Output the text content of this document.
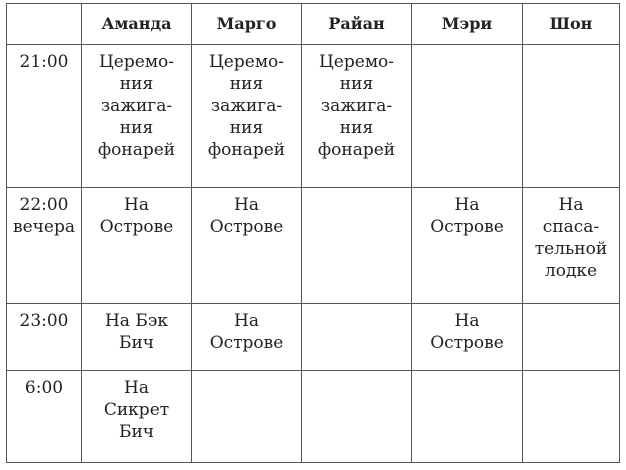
	Аманда	Марго	Райан	Мэри	Шон

21:00	Церемо-
ния
зажига-
ния
фонарей	Церемо-
ния
зажига-
ния
фонарей	Церемо-
ния
зажига-
ния
фонарей		

22:00
вечера	На
Острове	На
Острове		На
Острове	На
спаса-
тельной
лодке

23:00	На Бэк
Бич	На
Острове		На
Острове	

6:00	На
Сикрет
Бич				
